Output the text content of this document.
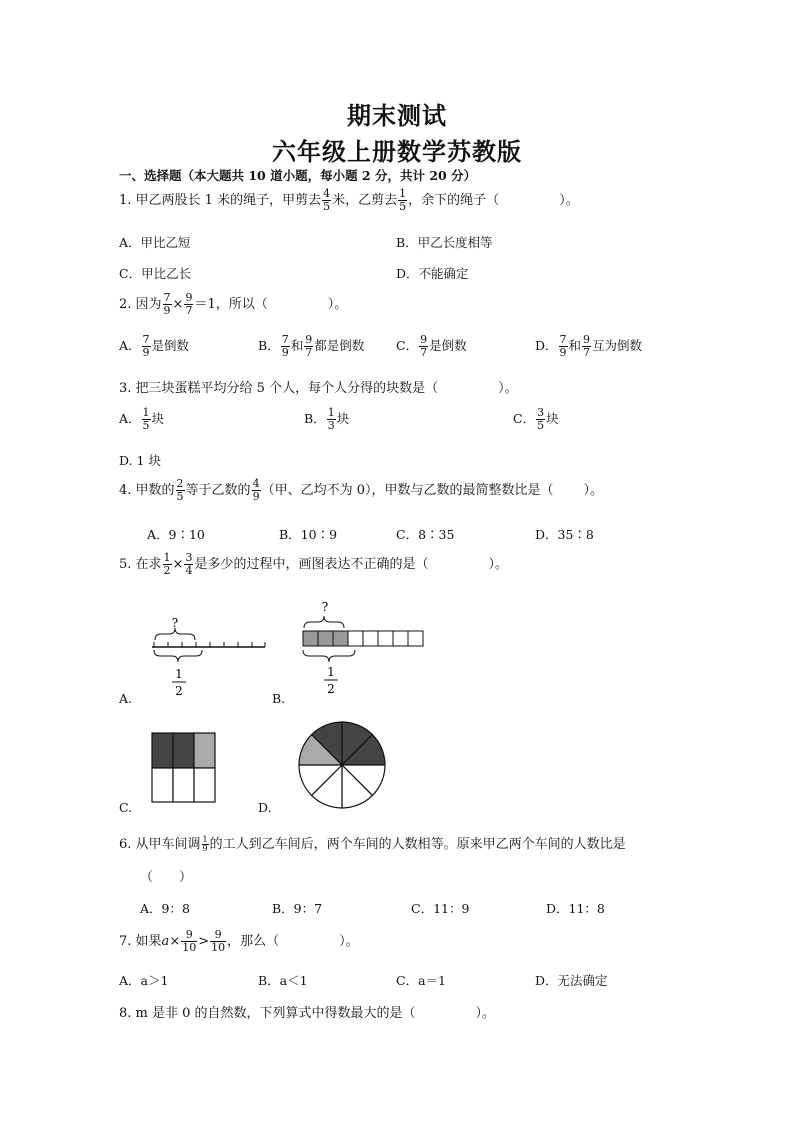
期末测试
六年级上册数学苏教版
一、选择题（本大题共 10 道小题，每小题 2 分，共计 20 分）
1. 甲乙两股长 1 米的绳子，甲剪去 $\frac{4}{5}$ 米，乙剪去 $\frac{1}{5}$ ，余下的绳子（	）。
A．甲比乙短	B．甲乙长度相等
C．甲比乙长	D．不能确定
2. 因为 $\frac{7}{9} \times \frac{9}{7} =1$，所以（	）。
A． $\frac{7}{9}$ 是倒数	B． $\frac{7}{9}$ 和 $\frac{9}{7}$ 都是倒数	C． $\frac{9}{7}$ 是倒数	D． $\frac{7}{9}$ 和 $\frac{9}{7}$ 互为倒数
3. 把三块蛋糕平均分给 5 个人，每个人分得的块数是（	）。
A． $\frac{1}{5}$ 块	B． $\frac{1}{3}$ 块	C． $\frac{3}{5}$ 块
D. 1 块
4. 甲数的 $\frac{2}{5}$ 等于乙数的 $\frac{4}{9}$ （甲、乙均不为 0），甲数与乙数的最简整数比是（ ）。
A．9∶10	B．10∶9	C．8∶35	D．35∶8
5. 在求 $\frac{1}{2} \times \frac{3}{4}$ 是多少的过程中，画图表达不正确的是（	）。
?
1
2
?
1
2
A.	B.
C.	D.
6. 从甲车间调 $\frac{1}{9}$ 的工人到乙车间后，两个车间的人数相等。原来甲乙两个车间的人数比是
（　　）
A．9：8	B．9：7	C．11：9	D．11：8
7. 如果$a\times \frac{9}{10} > \frac{9}{10}$ ，那么（	）。
A．a＞1	B．a＜1	C．a＝1	D．无法确定
8. m 是非 0 的自然数，下列算式中得数最大的是（	）。
